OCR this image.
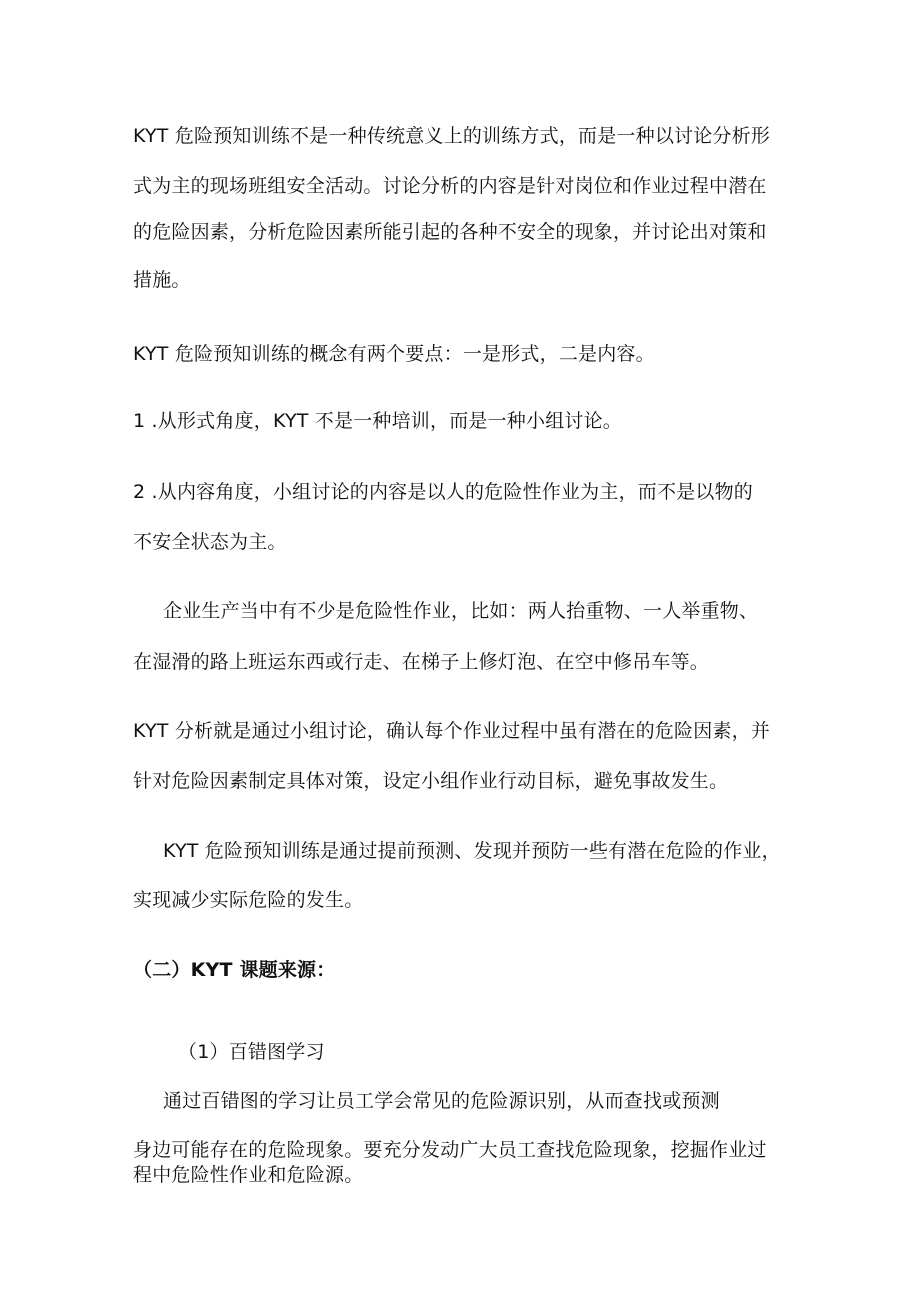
KYT 危险预知训练不是一种传统意义上的训练方式，而是一种以讨论分析形
式为主的现场班组安全活动。讨论分析的内容是针对岗位和作业过程中潜在
的危险因素，分析危险因素所能引起的各种不安全的现象，并讨论出对策和
措施。
KYT 危险预知训练的概念有两个要点：一是形式，二是内容。
1 .从形式角度，KYT 不是一种培训，而是一种小组讨论。
2 .从内容角度，小组讨论的内容是以人的危险性作业为主，而不是以物的
不安全状态为主。
企业生产当中有不少是危险性作业，比如：两人抬重物、一人举重物、
在湿滑的路上班运东西或行走、在梯子上修灯泡、在空中修吊车等。
KYT 分析就是通过小组讨论，确认每个作业过程中虽有潜在的危险因素，并
针对危险因素制定具体对策，设定小组作业行动目标，避免事故发生。
KYT 危险预知训练是通过提前预测、发现并预防一些有潜在危险的作业，
实现减少实际危险的发生。
（二）KYT 课题来源：
（1）百错图学习
通过百错图的学习让员工学会常见的危险源识别，从而查找或预测
身边可能存在的危险现象。要充分发动广大员工查找危险现象，挖掘作业过
程中危险性作业和危险源。
